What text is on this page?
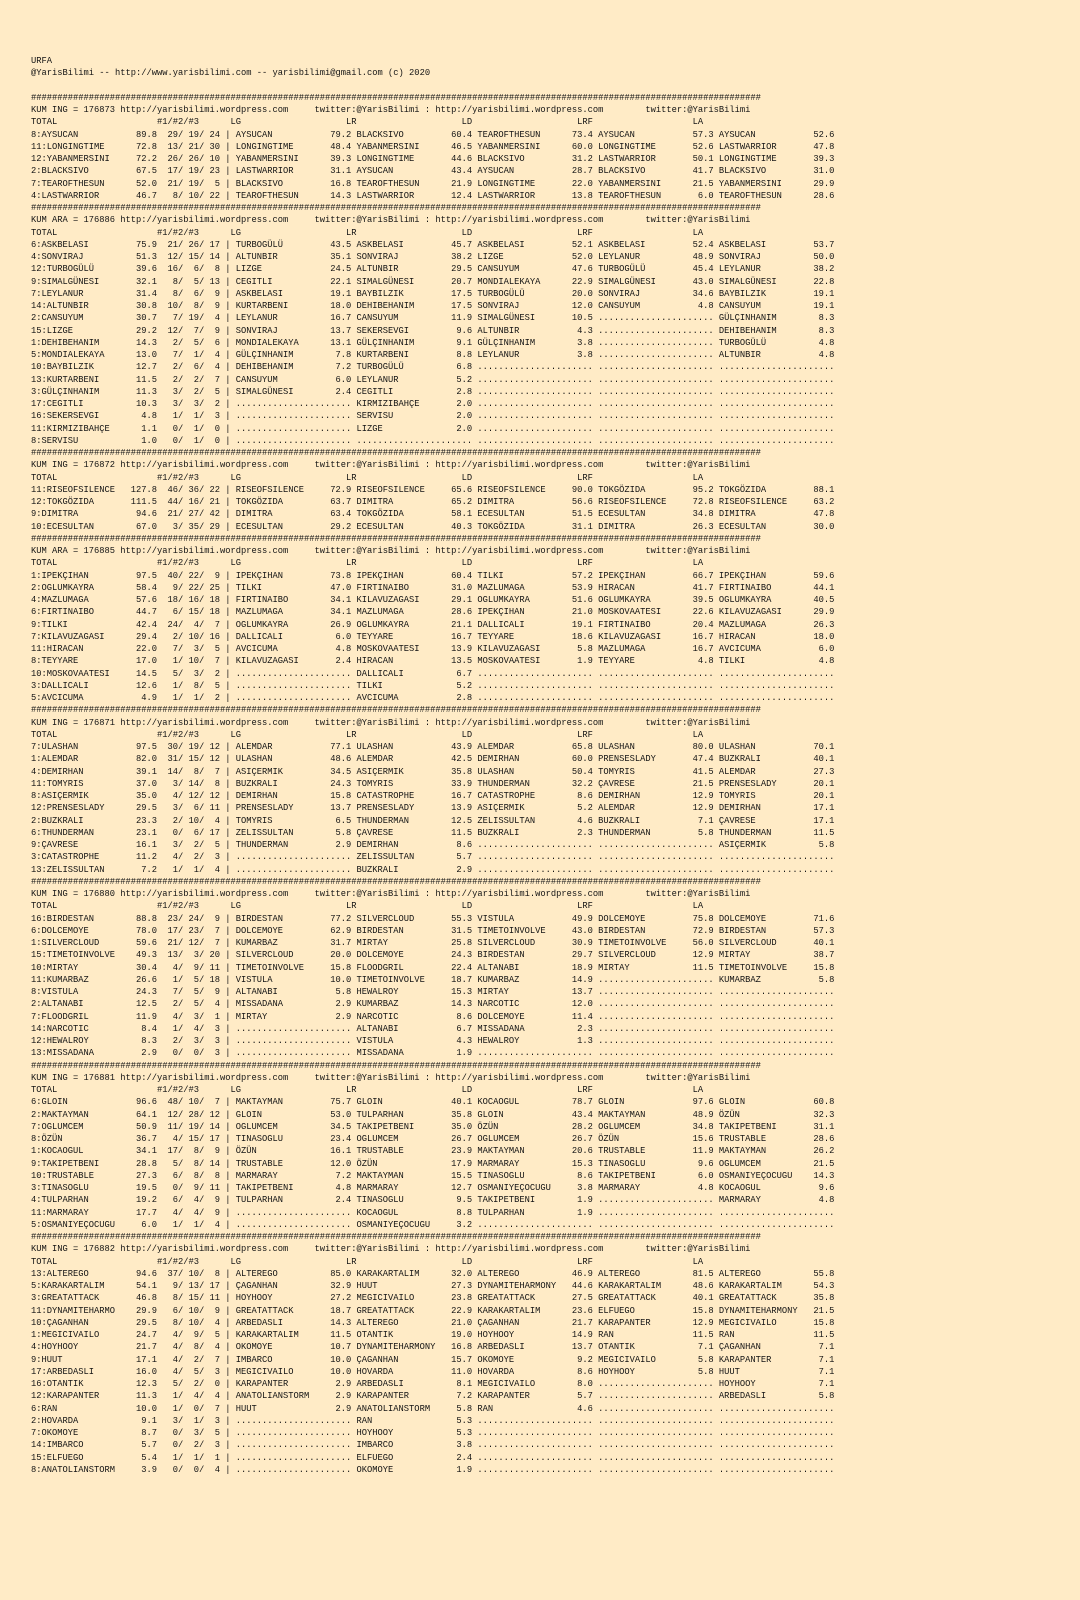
URFA
@YarisBilimi -- http://www.yarisbilimi.com -- yarisbilimi@gmail.com (c) 2020
###########################################################################################################################################
KUM ING = 176873 http://yarisbilimi.wordpress.com     twitter:@YarisBilimi : http://yarisbilimi.wordpress.com        twitter:@YarisBilimi
TOTAL                   #1/#2/#3      LG                    LR                    LD                    LRF                   LA
8:AYSUCAN           89.8  29/ 19/ 24 | AYSUCAN           79.2 BLACKSIVO         60.4 TEAROFTHESUN      73.4 AYSUCAN           57.3 AYSUCAN           52.6
11:LONGINGTIME      72.8  13/ 21/ 30 | LONGINGTIME       48.4 YABANMERSINI      46.5 YABANMERSINI      60.0 LONGINGTIME       52.6 LASTWARRIOR       47.8
12:YABANMERSINI     72.2  26/ 26/ 10 | YABANMERSINI      39.3 LONGINGTIME       44.6 BLACKSIVO         31.2 LASTWARRIOR       50.1 LONGINGTIME       39.3
2:BLACKSIVO         67.5  17/ 19/ 23 | LASTWARRIOR       31.1 AYSUCAN           43.4 AYSUCAN           28.7 BLACKSIVO         41.7 BLACKSIVO         31.0
7:TEAROFTHESUN      52.0  21/ 19/  5 | BLACKSIVO         16.8 TEAROFTHESUN      21.9 LONGINGTIME       22.0 YABANMERSINI      21.5 YABANMERSINI      29.9
4:LASTWARRIOR       46.7   8/ 10/ 22 | TEAROFTHESUN      14.3 LASTWARRIOR       12.4 LASTWARRIOR       13.8 TEAROFTHESUN       6.0 TEAROFTHESUN      28.6
###########################################################################################################################################
KUM ARA = 176886 http://yarisbilimi.wordpress.com     twitter:@YarisBilimi : http://yarisbilimi.wordpress.com        twitter:@YarisBilimi
TOTAL                   #1/#2/#3      LG                    LR                    LD                    LRF                   LA
6:ASKBELASI         75.9  21/ 26/ 17 | TURBOGÜLÜ         43.5 ASKBELASI         45.7 ASKBELASI         52.1 ASKBELASI         52.4 ASKBELASI         53.7
4:SONVIRAJ          51.3  12/ 15/ 14 | ALTUNBIR          35.1 SONVIRAJ          38.2 LIZGE             52.0 LEYLANUR          48.9 SONVIRAJ          50.0
12:TURBOGÜLÜ        39.6  16/  6/  8 | LIZGE             24.5 ALTUNBIR          29.5 CANSUYUM          47.6 TURBOGÜLÜ         45.4 LEYLANUR          38.2
9:SIMALGÜNESI       32.1   8/  5/ 13 | CEGITLI           22.1 SIMALGÜNESI       20.7 MONDIALEKAYA      22.9 SIMALGÜNESI       43.0 SIMALGÜNESI       22.8
7:LEYLANUR          31.4   8/  6/  9 | ASKBELASI         19.1 BAYBILZIK         17.5 TURBOGÜLÜ         20.0 SONVIRAJ          34.6 BAYBILZIK         19.1
14:ALTUNBIR         30.8  10/  8/  9 | KURTARBENI        18.0 DEHIBEHANIM       17.5 SONVIRAJ          12.0 CANSUYUM           4.8 CANSUYUM          19.1
2:CANSUYUM          30.7   7/ 19/  4 | LEYLANUR          16.7 CANSUYUM          11.9 SIMALGÜNESI       10.5 ...................... GÜLÇINHANIM        8.3
15:LIZGE            29.2  12/  7/  9 | SONVIRAJ          13.7 SEKERSEVGI         9.6 ALTUNBIR           4.3 ...................... DEHIBEHANIM        8.3
1:DEHIBEHANIM       14.3   2/  5/  6 | MONDIALEKAYA      13.1 GÜLÇINHANIM        9.1 GÜLÇINHANIM        3.8 ...................... TURBOGÜLÜ          4.8
5:MONDIALEKAYA      13.0   7/  1/  4 | GÜLÇINHANIM        7.8 KURTARBENI         8.8 LEYLANUR           3.8 ...................... ALTUNBIR           4.8
10:BAYBILZIK        12.7   2/  6/  4 | DEHIBEHANIM        7.2 TURBOGÜLÜ          6.8 ...................... ...................... ......................
13:KURTARBENI       11.5   2/  2/  7 | CANSUYUM           6.0 LEYLANUR           5.2 ...................... ...................... ......................
3:GÜLÇINHANIM       11.3   3/  2/  5 | SIMALGÜNESI        2.4 CEGITLI            2.8 ...................... ...................... ......................
17:CEGITLI          10.3   3/  3/  2 | ...................... KIRMIZIBAHÇE       2.0 ...................... ...................... ......................
16:SEKERSEVGI        4.8   1/  1/  3 | ...................... SERVISU            2.0 ...................... ...................... ......................
11:KIRMIZIBAHÇE      1.1   0/  1/  0 | ...................... LIZGE              2.0 ...................... ...................... ......................
8:SERVISU            1.0   0/  1/  0 | ...................... ...................... ...................... ...................... ......................
###########################################################################################################################################
KUM ING = 176872 http://yarisbilimi.wordpress.com     twitter:@YarisBilimi : http://yarisbilimi.wordpress.com        twitter:@YarisBilimi
TOTAL                   #1/#2/#3      LG                    LR                    LD                    LRF                   LA
11:RISEOFSILENCE   127.8  46/ 36/ 22 | RISEOFSILENCE     72.9 RISEOFSILENCE     65.6 RISEOFSILENCE     90.0 TOKGÖZIDA         95.2 TOKGÖZIDA         88.1
12:TOKGÖZIDA       111.5  44/ 16/ 21 | TOKGÖZIDA         63.7 DIMITRA           65.2 DIMITRA           56.6 RISEOFSILENCE     72.8 RISEOFSILENCE     63.2
9:DIMITRA           94.6  21/ 27/ 42 | DIMITRA           63.4 TOKGÖZIDA         58.1 ECESULTAN         51.5 ECESULTAN         34.8 DIMITRA           47.8
10:ECESULTAN        67.0   3/ 35/ 29 | ECESULTAN         29.2 ECESULTAN         40.3 TOKGÖZIDA         31.1 DIMITRA           26.3 ECESULTAN         30.0
###########################################################################################################################################
KUM ARA = 176885 http://yarisbilimi.wordpress.com     twitter:@YarisBilimi : http://yarisbilimi.wordpress.com        twitter:@YarisBilimi
TOTAL                   #1/#2/#3      LG                    LR                    LD                    LRF                   LA
1:IPEKÇIHAN         97.5  40/ 22/  9 | IPEKÇIHAN         73.8 IPEKÇIHAN         60.4 TILKI             57.2 IPEKÇIHAN         66.7 IPEKÇIHAN         59.6
2:OGLUMKAYRA        58.4   9/ 22/ 25 | TILKI             47.0 FIRTINAIBO        31.0 MAZLUMAGA         53.9 HIRACAN           41.7 FIRTINAIBO        44.1
4:MAZLUMAGA         57.6  18/ 16/ 18 | FIRTINAIBO        34.1 KILAVUZAGASI      29.1 OGLUMKAYRA        51.6 OGLUMKAYRA        39.5 OGLUMKAYRA        40.5
6:FIRTINAIBO        44.7   6/ 15/ 18 | MAZLUMAGA         34.1 MAZLUMAGA         28.6 IPEKÇIHAN         21.0 MOSKOVAATESI      22.6 KILAVUZAGASI      29.9
9:TILKI             42.4  24/  4/  7 | OGLUMKAYRA        26.9 OGLUMKAYRA        21.1 DALLICALI         19.1 FIRTINAIBO        20.4 MAZLUMAGA         26.3
7:KILAVUZAGASI      29.4   2/ 10/ 16 | DALLICALI          6.0 TEYYARE           16.7 TEYYARE           18.6 KILAVUZAGASI      16.7 HIRACAN           18.0
11:HIRACAN          22.0   7/  3/  5 | AVCICUMA           4.8 MOSKOVAATESI      13.9 KILAVUZAGASI       5.8 MAZLUMAGA         16.7 AVCICUMA           6.0
8:TEYYARE           17.0   1/ 10/  7 | KILAVUZAGASI       2.4 HIRACAN           13.5 MOSKOVAATESI       1.9 TEYYARE            4.8 TILKI              4.8
10:MOSKOVAATESI     14.5   5/  3/  2 | ...................... DALLICALI          6.7 ...................... ...................... ......................
3:DALLICALI         12.6   1/  8/  5 | ...................... TILKI              5.2 ...................... ...................... ......................
5:AVCICUMA           4.9   1/  1/  2 | ...................... AVCICUMA           2.8 ...................... ...................... ......................
###########################################################################################################################################
KUM ING = 176871 http://yarisbilimi.wordpress.com     twitter:@YarisBilimi : http://yarisbilimi.wordpress.com        twitter:@YarisBilimi
TOTAL                   #1/#2/#3      LG                    LR                    LD                    LRF                   LA
7:ULASHAN           97.5  30/ 19/ 12 | ALEMDAR           77.1 ULASHAN           43.9 ALEMDAR           65.8 ULASHAN           80.0 ULASHAN           70.1
1:ALEMDAR           82.0  31/ 15/ 12 | ULASHAN           48.6 ALEMDAR           42.5 DEMIRHAN          60.0 PRENSESLADY       47.4 BUZKRALI          40.1
4:DEMIRHAN          39.1  14/  8/  7 | ASIÇERMIK         34.5 ASIÇERMIK         35.8 ULASHAN           50.4 TOMYRIS           41.5 ALEMDAR           27.3
11:TOMYRIS          37.0   3/ 14/  8 | BUZKRALI          24.3 TOMYRIS           33.9 THUNDERMAN        32.2 ÇAVRESE           21.5 PRENSESLADY       20.1
8:ASIÇERMIK         35.0   4/ 12/ 12 | DEMIRHAN          15.8 CATASTROPHE       16.7 CATASTROPHE        8.6 DEMIRHAN          12.9 TOMYRIS           20.1
12:PRENSESLADY      29.5   3/  6/ 11 | PRENSESLADY       13.7 PRENSESLADY       13.9 ASIÇERMIK          5.2 ALEMDAR           12.9 DEMIRHAN          17.1
2:BUZKRALI          23.3   2/ 10/  4 | TOMYRIS            6.5 THUNDERMAN        12.5 ZELISSULTAN        4.6 BUZKRALI           7.1 ÇAVRESE           17.1
6:THUNDERMAN        23.1   0/  6/ 17 | ZELISSULTAN        5.8 ÇAVRESE           11.5 BUZKRALI           2.3 THUNDERMAN         5.8 THUNDERMAN        11.5
9:ÇAVRESE           16.1   3/  2/  5 | THUNDERMAN         2.9 DEMIRHAN           8.6 ...................... ...................... ASIÇERMIK          5.8
3:CATASTROPHE       11.2   4/  2/  3 | ...................... ZELISSULTAN        5.7 ...................... ...................... ......................
13:ZELISSULTAN       7.2   1/  1/  4 | ...................... BUZKRALI           2.9 ...................... ...................... ......................
###########################################################################################################################################
KUM ING = 176880 http://yarisbilimi.wordpress.com     twitter:@YarisBilimi : http://yarisbilimi.wordpress.com        twitter:@YarisBilimi
TOTAL                   #1/#2/#3      LG                    LR                    LD                    LRF                   LA
16:BIRDESTAN        88.8  23/ 24/  9 | BIRDESTAN         77.2 SILVERCLOUD       55.3 VISTULA           49.9 DOLCEMOYE         75.8 DOLCEMOYE         71.6
6:DOLCEMOYE         78.0  17/ 23/  7 | DOLCEMOYE         62.9 BIRDESTAN         31.5 TIMETOINVOLVE     43.0 BIRDESTAN         72.9 BIRDESTAN         57.3
1:SILVERCLOUD       59.6  21/ 12/  7 | KUMARBAZ          31.7 MIRTAY            25.8 SILVERCLOUD       30.9 TIMETOINVOLVE     56.0 SILVERCLOUD       40.1
15:TIMETOINVOLVE    49.3  13/  3/ 20 | SILVERCLOUD       20.0 DOLCEMOYE         24.3 BIRDESTAN         29.7 SILVERCLOUD       12.9 MIRTAY            38.7
10:MIRTAY           30.4   4/  9/ 11 | TIMETOINVOLVE     15.8 FLOODGRIL         22.4 ALTANABI          18.9 MIRTAY            11.5 TIMETOINVOLVE     15.8
11:KUMARBAZ         26.6   1/  5/ 18 | VISTULA           10.0 TIMETOINVOLVE     18.7 KUMARBAZ          14.9 ...................... KUMARBAZ           5.8
8:VISTULA           24.3   7/  5/  9 | ALTANABI           5.8 HEWALROY          15.3 MIRTAY            13.7 ...................... ......................
2:ALTANABI          12.5   2/  5/  4 | MISSADANA          2.9 KUMARBAZ          14.3 NARCOTIC          12.0 ...................... ......................
7:FLOODGRIL         11.9   4/  3/  1 | MIRTAY             2.9 NARCOTIC           8.6 DOLCEMOYE         11.4 ...................... ......................
14:NARCOTIC          8.4   1/  4/  3 | ...................... ALTANABI           6.7 MISSADANA          2.3 ...................... ......................
12:HEWALROY          8.3   2/  3/  3 | ...................... VISTULA            4.3 HEWALROY           1.3 ...................... ......................
13:MISSADANA         2.9   0/  0/  3 | ...................... MISSADANA          1.9 ...................... ...................... ......................
###########################################################################################################################################
KUM ING = 176881 http://yarisbilimi.wordpress.com     twitter:@YarisBilimi : http://yarisbilimi.wordpress.com        twitter:@YarisBilimi
TOTAL                   #1/#2/#3      LG                    LR                    LD                    LRF                   LA
6:GLOIN             96.6  48/ 10/  7 | MAKTAYMAN         75.7 GLOIN             40.1 KOCAOGUL          78.7 GLOIN             97.6 GLOIN             60.8
2:MAKTAYMAN         64.1  12/ 28/ 12 | GLOIN             53.0 TULPARHAN         35.8 GLOIN             43.4 MAKTAYMAN         48.9 ÖZÜN              32.3
7:OGLUMCEM          50.9  11/ 19/ 14 | OGLUMCEM          34.5 TAKIPETBENI       35.0 ÖZÜN              28.2 OGLUMCEM          34.8 TAKIPETBENI       31.1
8:ÖZÜN              36.7   4/ 15/ 17 | TINASOGLU         23.4 OGLUMCEM          26.7 OGLUMCEM          26.7 ÖZÜN              15.6 TRUSTABLE         28.6
1:KOCAOGUL          34.1  17/  8/  9 | ÖZÜN              16.1 TRUSTABLE         23.9 MAKTAYMAN         20.6 TRUSTABLE         11.9 MAKTAYMAN         26.2
9:TAKIPETBENI       28.8   5/  8/ 14 | TRUSTABLE         12.0 ÖZÜN              17.9 MARMARAY          15.3 TINASOGLU          9.6 OGLUMCEM          21.5
10:TRUSTABLE        27.3   6/  8/  8 | MARMARAY           7.2 MAKTAYMAN         15.5 TINASOGLU          8.6 TAKIPETBENI        6.0 OSMANIYEÇOCUGU    14.3
3:TINASOGLU         19.5   0/  9/ 11 | TAKIPETBENI        4.8 MARMARAY          12.7 OSMANIYEÇOCUGU     3.8 MARMARAY           4.8 KOCAOGUL           9.6
4:TULPARHAN         19.2   6/  4/  9 | TULPARHAN          2.4 TINASOGLU          9.5 TAKIPETBENI        1.9 ...................... MARMARAY           4.8
11:MARMARAY         17.7   4/  4/  9 | ...................... KOCAOGUL           8.8 TULPARHAN          1.9 ...................... ......................
5:OSMANIYEÇOCUGU     6.0   1/  1/  4 | ...................... OSMANIYEÇOCUGU     3.2 ...................... ...................... ......................
###########################################################################################################################################
KUM ING = 176882 http://yarisbilimi.wordpress.com     twitter:@YarisBilimi : http://yarisbilimi.wordpress.com        twitter:@YarisBilimi
TOTAL                   #1/#2/#3      LG                    LR                    LD                    LRF                   LA
13:ALTEREGO         94.6  37/ 10/  8 | ALTEREGO          85.0 KARAKARTALIM      32.0 ALTEREGO          46.9 ALTEREGO          81.5 ALTEREGO          55.8
5:KARAKARTALIM      54.1   9/ 13/ 17 | ÇAGANHAN          32.9 HUUT              27.3 DYNAMITEHARMONY   44.6 KARAKARTALIM      48.6 KARAKARTALIM      54.3
3:GREATATTACK       46.8   8/ 15/ 11 | HOYHOOY           27.2 MEGICIVAILO       23.8 GREATATTACK       27.5 GREATATTACK       40.1 GREATATTACK       35.8
11:DYNAMITEHARMO    29.9   6/ 10/  9 | GREATATTACK       18.7 GREATATTACK       22.9 KARAKARTALIM      23.6 ELFUEGO           15.8 DYNAMITEHARMONY   21.5
10:ÇAGANHAN         29.5   8/ 10/  4 | ARBEDASLI         14.3 ALTEREGO          21.0 ÇAGANHAN          21.7 KARAPANTER        12.9 MEGICIVAILO       15.8
1:MEGICIVAILO       24.7   4/  9/  5 | KARAKARTALIM      11.5 OTANTIK           19.0 HOYHOOY           14.9 RAN               11.5 RAN               11.5
4:HOYHOOY           21.7   4/  8/  4 | OKOMOYE           10.7 DYNAMITEHARMONY   16.8 ARBEDASLI         13.7 OTANTIK            7.1 ÇAGANHAN           7.1
9:HUUT              17.1   4/  2/  7 | IMBARCO           10.0 ÇAGANHAN          15.7 OKOMOYE            9.2 MEGICIVAILO        5.8 KARAPANTER         7.1
17:ARBEDASLI        16.0   4/  5/  3 | MEGICIVAILO       10.0 HOVARDA           11.0 HOVARDA            8.6 HOYHOOY            5.8 HUUT               7.1
16:OTANTIK          12.3   5/  2/  0 | KARAPANTER         2.9 ARBEDASLI          8.1 MEGICIVAILO        8.0 ...................... HOYHOOY            7.1
12:KARAPANTER       11.3   1/  4/  4 | ANATOLIANSTORM     2.9 KARAPANTER         7.2 KARAPANTER         5.7 ...................... ARBEDASLI          5.8
6:RAN               10.0   1/  0/  7 | HUUT               2.9 ANATOLIANSTORM     5.8 RAN                4.6 ...................... ......................
2:HOVARDA            9.1   3/  1/  3 | ...................... RAN                5.3 ...................... ...................... ......................
7:OKOMOYE            8.7   0/  3/  5 | ...................... HOYHOOY            5.3 ...................... ...................... ......................
14:IMBARCO           5.7   0/  2/  3 | ...................... IMBARCO            3.8 ...................... ...................... ......................
15:ELFUEGO           5.4   1/  1/  1 | ...................... ELFUEGO            2.4 ...................... ...................... ......................
8:ANATOLIANSTORM     3.9   0/  0/  4 | ...................... OKOMOYE            1.9 ...................... ...................... ......................
